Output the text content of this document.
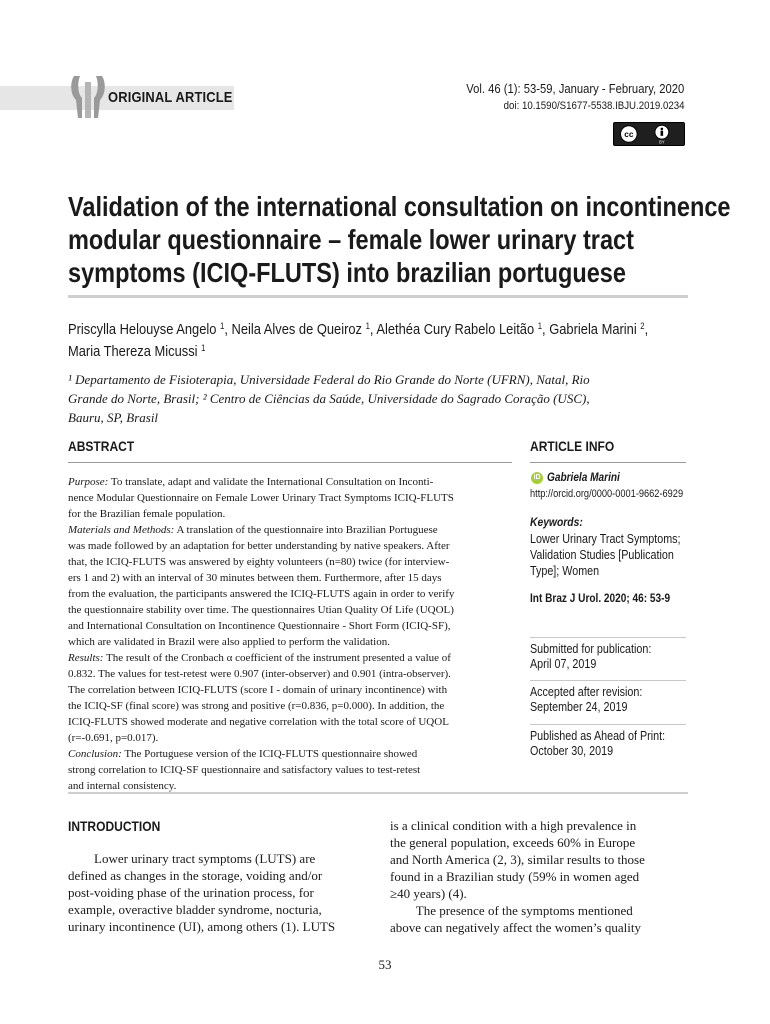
ORIGINAL ARTICLE	Vol. 46 (1): 53-59, January - February, 2020
doi: 10.1590/S1677-5538.IBJU.2019.0234
cc
BY
Validation of the international consultation on incontinence
modular questionnaire – female lower urinary tract
symptoms (ICIQ-FLUTS) into brazilian portuguese
Priscylla Helouyse Angelo $^1$, Neila Alves de Queiroz $^1$, Alethéa Cury Rabelo Leitão $^1$, Gabriela Marini $^2$,
Maria Thereza Micussi $^1$
¹ Departamento de Fisioterapia, Universidade Federal do Rio Grande do Norte (UFRN), Natal, Rio
Grande do Norte, Brasil; ² Centro de Ciências da Saúde, Universidade do Sagrado Coração (USC),
Bauru, SP, Brasil
ABSTRACT
Purpose: To translate, adapt and validate the International Consultation on Inconti-
nence Modular Questionnaire on Female Lower Urinary Tract Symptoms ICIQ-FLUTS
for the Brazilian female population.
Materials and Methods: A translation of the questionnaire into Brazilian Portuguese
was made followed by an adaptation for better understanding by native speakers. After
that, the ICIQ-FLUTS was answered by eighty volunteers (n=80) twice (for interview-
ers 1 and 2) with an interval of 30 minutes between them. Furthermore, after 15 days
from the evaluation, the participants answered the ICIQ-FLUTS again in order to verify
the questionnaire stability over time. The questionnaires Utian Quality Of Life (UQOL)
and International Consultation on Incontinence Questionnaire - Short Form (ICIQ-SF),
which are validated in Brazil were also applied to perform the validation.
Results: The result of the Cronbach α coefficient of the instrument presented a value of
0.832. The values for test-retest were 0.907 (inter-observer) and 0.901 (intra-observer).
The correlation between ICIQ-FLUTS (score I - domain of urinary incontinence) with
the ICIQ-SF (final score) was strong and positive (r=0.836, p=0.000). In addition, the
ICIQ-FLUTS showed moderate and negative correlation with the total score of UQOL
(r=-0.691, p=0.017).
Conclusion: The Portuguese version of the ICIQ-FLUTS questionnaire showed
strong correlation to ICIQ-SF questionnaire and satisfactory values to test-retest
and internal consistency.
ARTICLE INFO
iD Gabriela Marini
http://orcid.org/0000-0001-9662-6929
Keywords:
Lower Urinary Tract Symptoms;
Validation Studies [Publication
Type]; Women
Int Braz J Urol. 2020; 46: 53-9
Submitted for publication:
April 07, 2019
Accepted after revision:
September 24, 2019
Published as Ahead of Print:
October 30, 2019
INTRODUCTION
Lower urinary tract symptoms (LUTS) are
defined as changes in the storage, voiding and/or
post-voiding phase of the urination process, for
example, overactive bladder syndrome, nocturia,
urinary incontinence (UI), among others (1). LUTS
is a clinical condition with a high prevalence in
the general population, exceeds 60% in Europe
and North America (2, 3), similar results to those
found in a Brazilian study (59% in women aged
≥40 years) (4).
The presence of the symptoms mentioned
above can negatively affect the women’s quality
53
